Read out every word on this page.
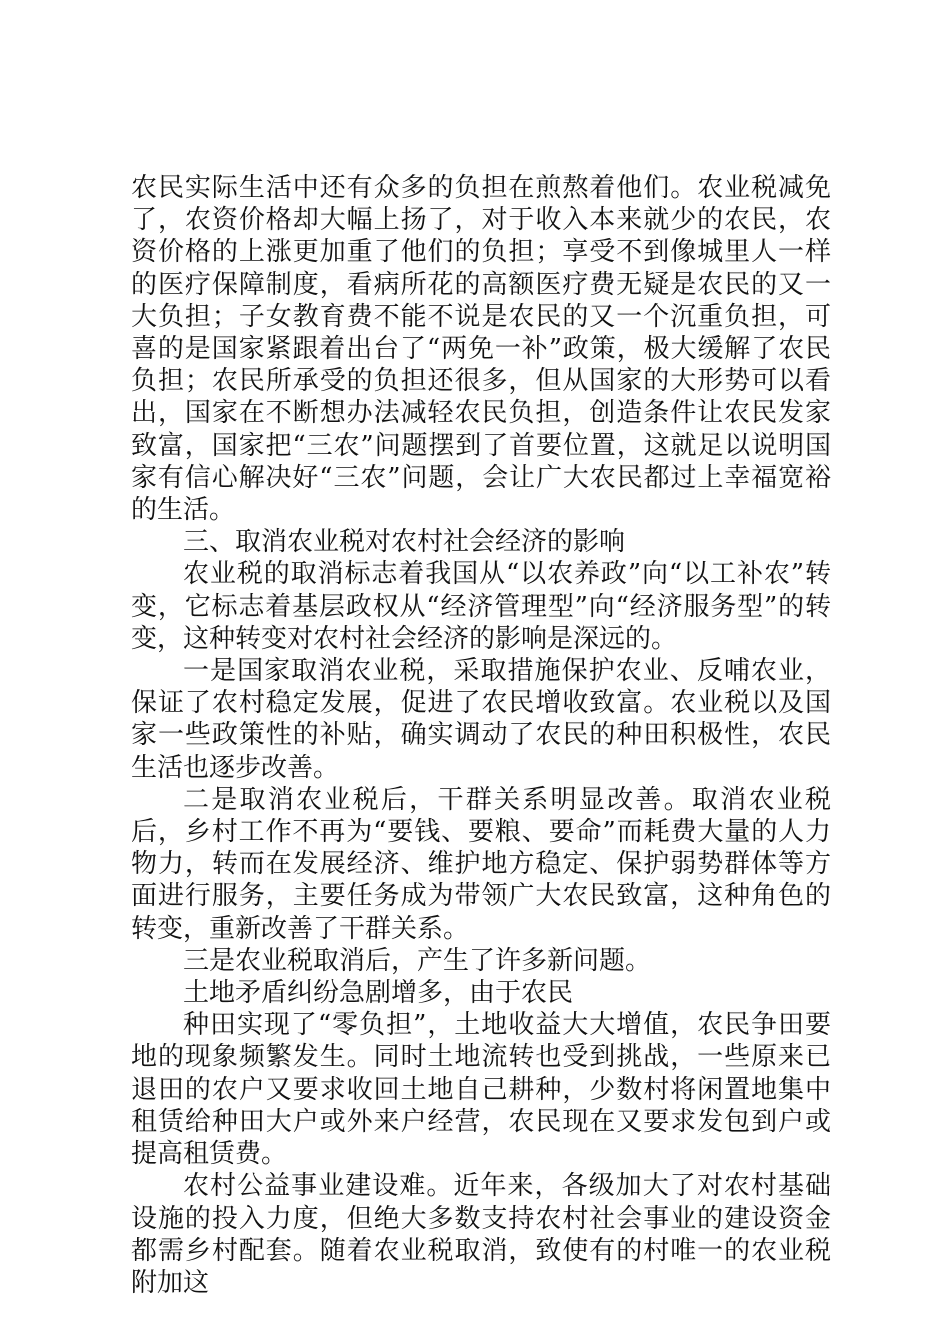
农民实际生活中还有众多的负担在煎熬着他们。农业税减免了，农资价格却大幅上扬了，对于收入本来就少的农民，农资价格的上涨更加重了他们的负担；享受不到像城里人一样的医疗保障制度，看病所花的高额医疗费无疑是农民的又一大负担；子女教育费不能不说是农民的又一个沉重负担，可喜的是国家紧跟着出台了“两免一补”政策，极大缓解了农民负担；农民所承受的负担还很多，但从国家的大形势可以看出，国家在不断想办法减轻农民负担，创造条件让农民发家致富，国家把“三农”问题摆到了首要位置，这就足以说明国家有信心解决好“三农”问题，会让广大农民都过上幸福宽裕的生活。

三、取消农业税对农村社会经济的影响

农业税的取消标志着我国从“以农养政”向“以工补农”转变，它标志着基层政权从“经济管理型”向“经济服务型”的转变，这种转变对农村社会经济的影响是深远的。

一是国家取消农业税，采取措施保护农业、反哺农业，保证了农村稳定发展，促进了农民增收致富。农业税以及国家一些政策性的补贴，确实调动了农民的种田积极性，农民生活也逐步改善。

二是取消农业税后，干群关系明显改善。取消农业税后，乡村工作不再为“要钱、要粮、要命”而耗费大量的人力物力，转而在发展经济、维护地方稳定、保护弱势群体等方面进行服务，主要任务成为带领广大农民致富，这种角色的转变，重新改善了干群关系。

三是农业税取消后，产生了许多新问题。

土地矛盾纠纷急剧增多，由于农民

种田实现了“零负担”，土地收益大大增值，农民争田要地的现象频繁发生。同时土地流转也受到挑战，一些原来已退田的农户又要求收回土地自己耕种，少数村将闲置地集中租赁给种田大户或外来户经营，农民现在又要求发包到户或提高租赁费。

农村公益事业建设难。近年来，各级加大了对农村基础设施的投入力度，但绝大多数支持农村社会事业的建设资金都需乡村配套。随着农业税取消，致使有的村唯一的农业税附加这
